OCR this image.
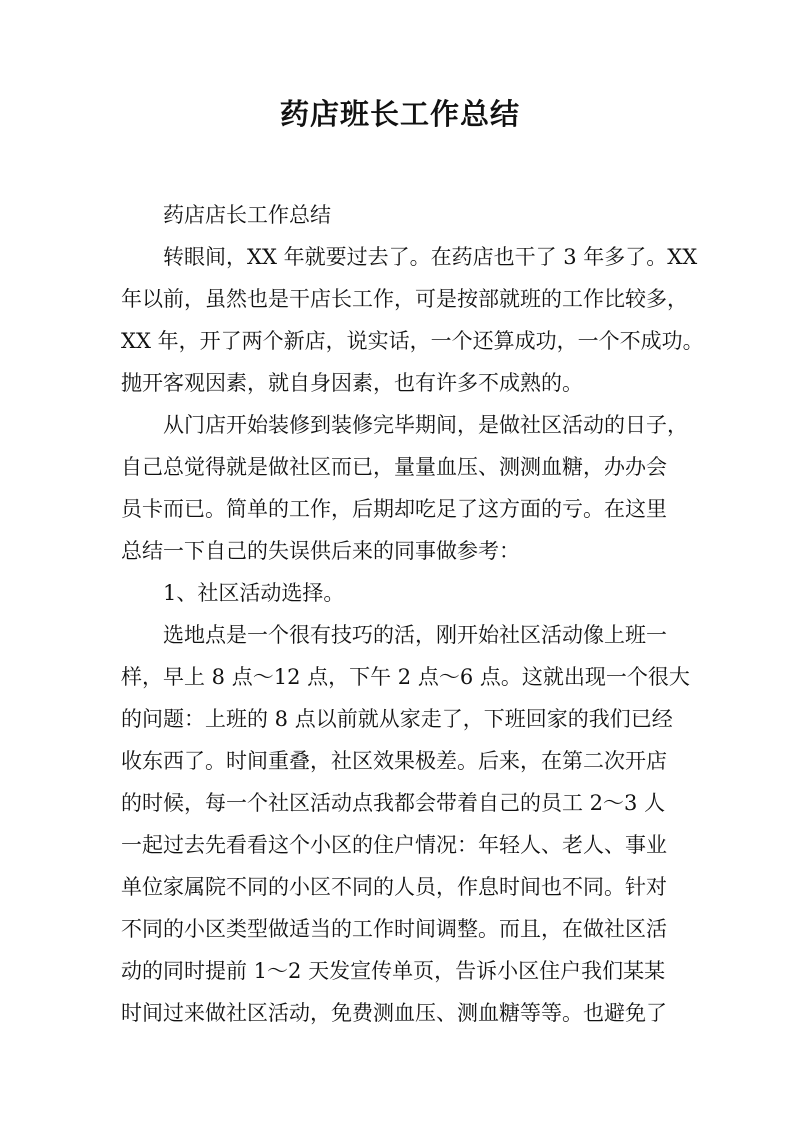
药店班长工作总结
药店店长工作总结
转眼间，XX 年就要过去了。在药店也干了 3 年多了。XX
年以前，虽然也是干店长工作，可是按部就班的工作比较多，
XX 年，开了两个新店，说实话，一个还算成功，一个不成功。
抛开客观因素，就自身因素，也有许多不成熟的。
从门店开始装修到装修完毕期间，是做社区活动的日子，
自己总觉得就是做社区而已，量量血压、测测血糖，办办会
员卡而已。简单的工作，后期却吃足了这方面的亏。在这里
总结一下自己的失误供后来的同事做参考：
1、社区活动选择。
选地点是一个很有技巧的活，刚开始社区活动像上班一
样，早上 8 点～12 点，下午 2 点～6 点。这就出现一个很大
的问题：上班的 8 点以前就从家走了，下班回家的我们已经
收东西了。时间重叠，社区效果极差。后来，在第二次开店
的时候，每一个社区活动点我都会带着自己的员工 2～3 人
一起过去先看看这个小区的住户情况：年轻人、老人、事业
单位家属院不同的小区不同的人员，作息时间也不同。针对
不同的小区类型做适当的工作时间调整。而且，在做社区活
动的同时提前 1～2 天发宣传单页，告诉小区住户我们某某
时间过来做社区活动，免费测血压、测血糖等等。也避免了
